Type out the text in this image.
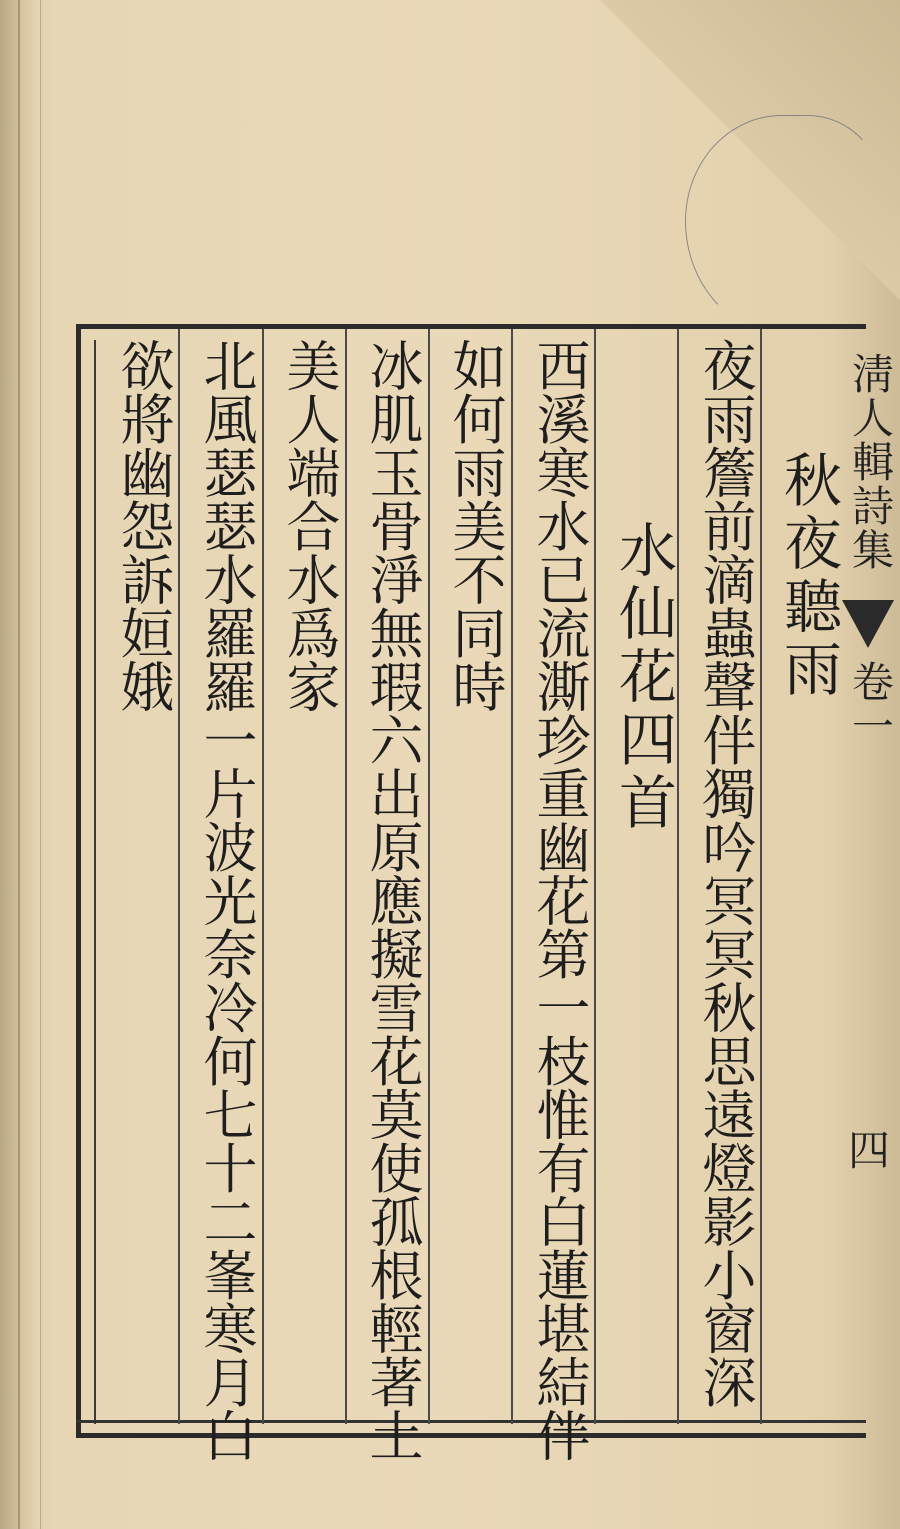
秋夜聽雨
夜雨簷前滴蟲聲伴獨吟冥冥秋思遠燈影小窗深
水仙花四首
西溪寒水已流澌珍重幽花第一枝惟有白蓮堪結伴
如何雨美不同時
冰肌玉骨淨無瑕六出原應擬雪花莫使孤根輕著土
美人端合水爲家
北風瑟瑟水羅羅一片波光奈冷何七十二峯寒月白
欲將幽怨訴姮娥	淸人輯詩集
卷一
四
